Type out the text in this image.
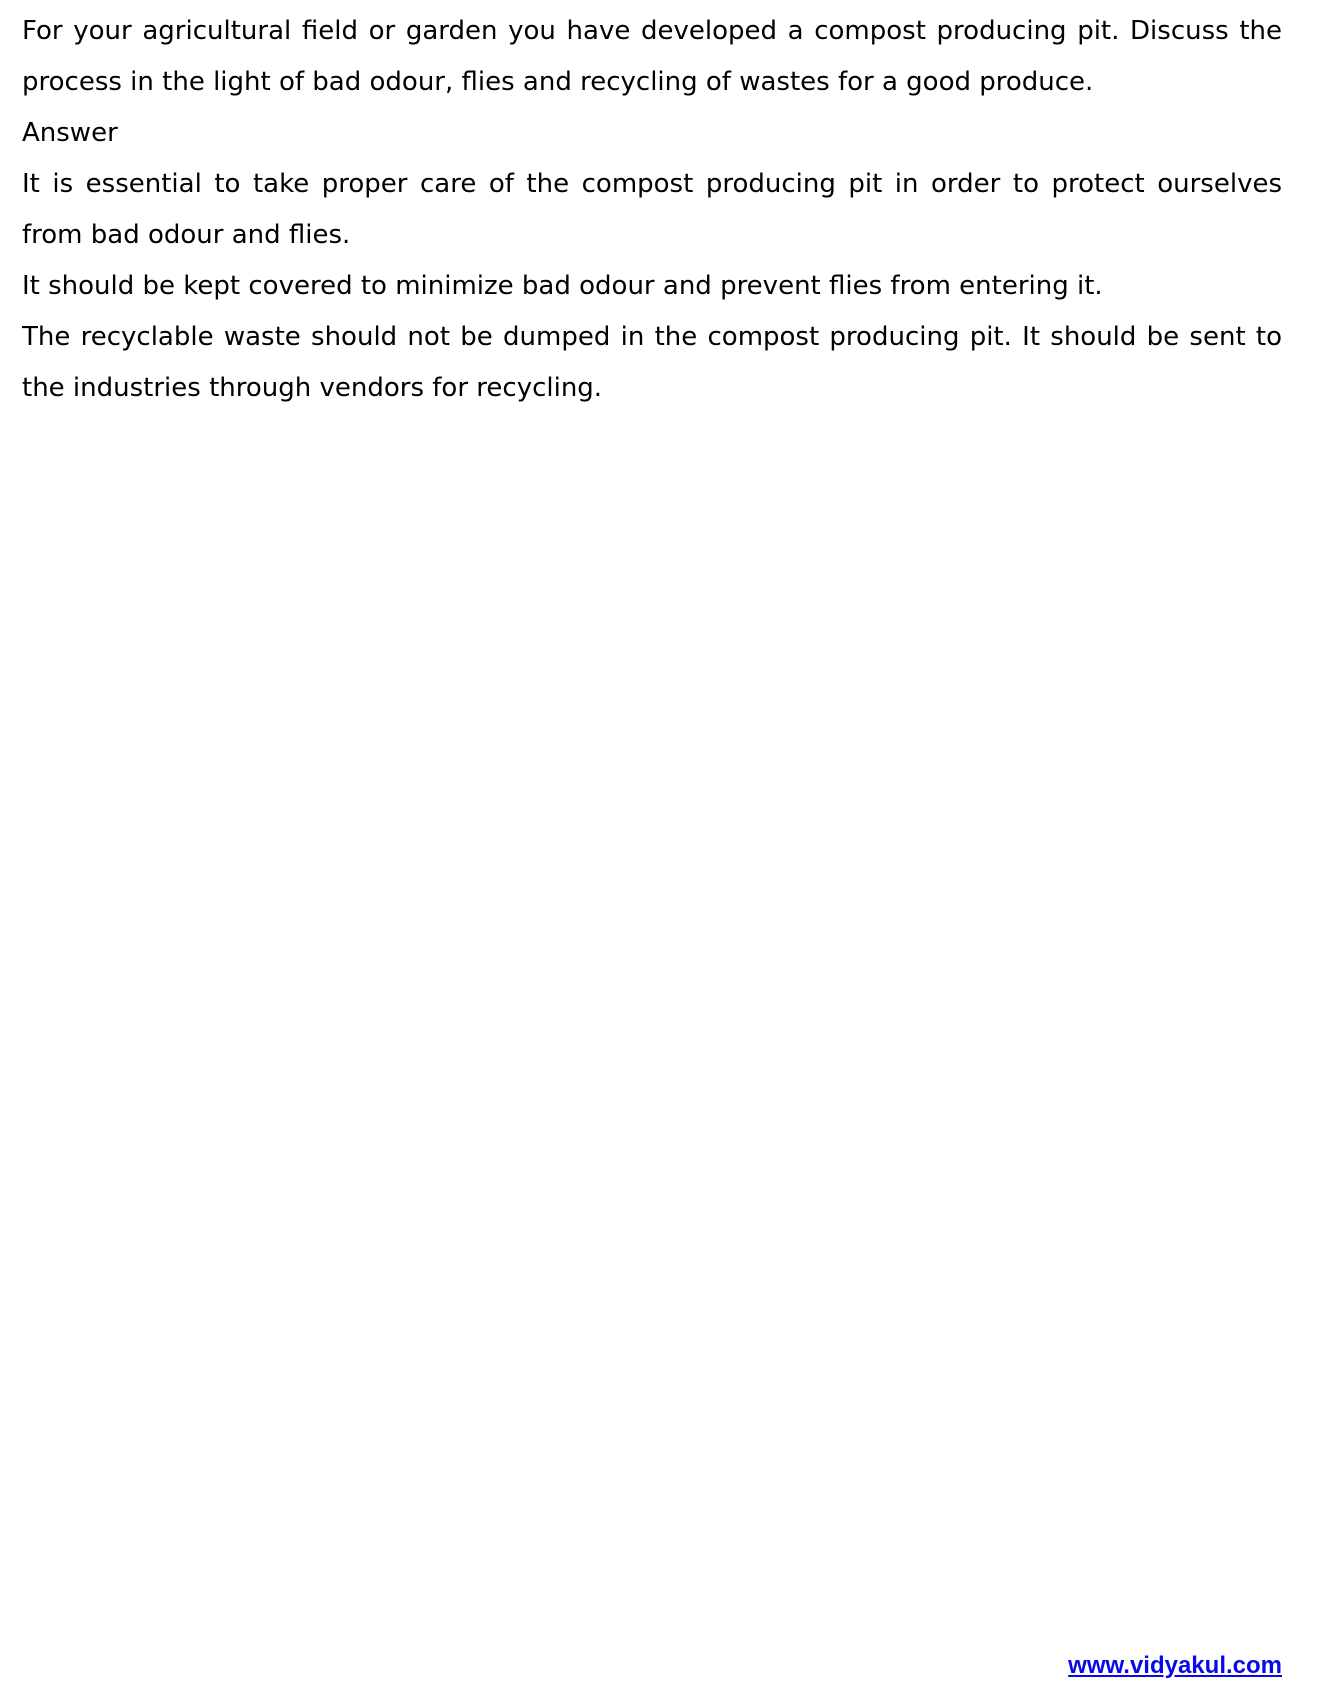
For your agricultural field or garden you have developed a compost producing pit. Discuss the process in the light of bad odour, flies and recycling of wastes for a good produce.

Answer

It is essential to take proper care of the compost producing pit in order to protect ourselves from bad odour and flies.

It should be kept covered to minimize bad odour and prevent flies from entering it.

The recyclable waste should not be dumped in the compost producing pit. It should be sent to the industries through vendors for recycling.

www.vidyakul.com
